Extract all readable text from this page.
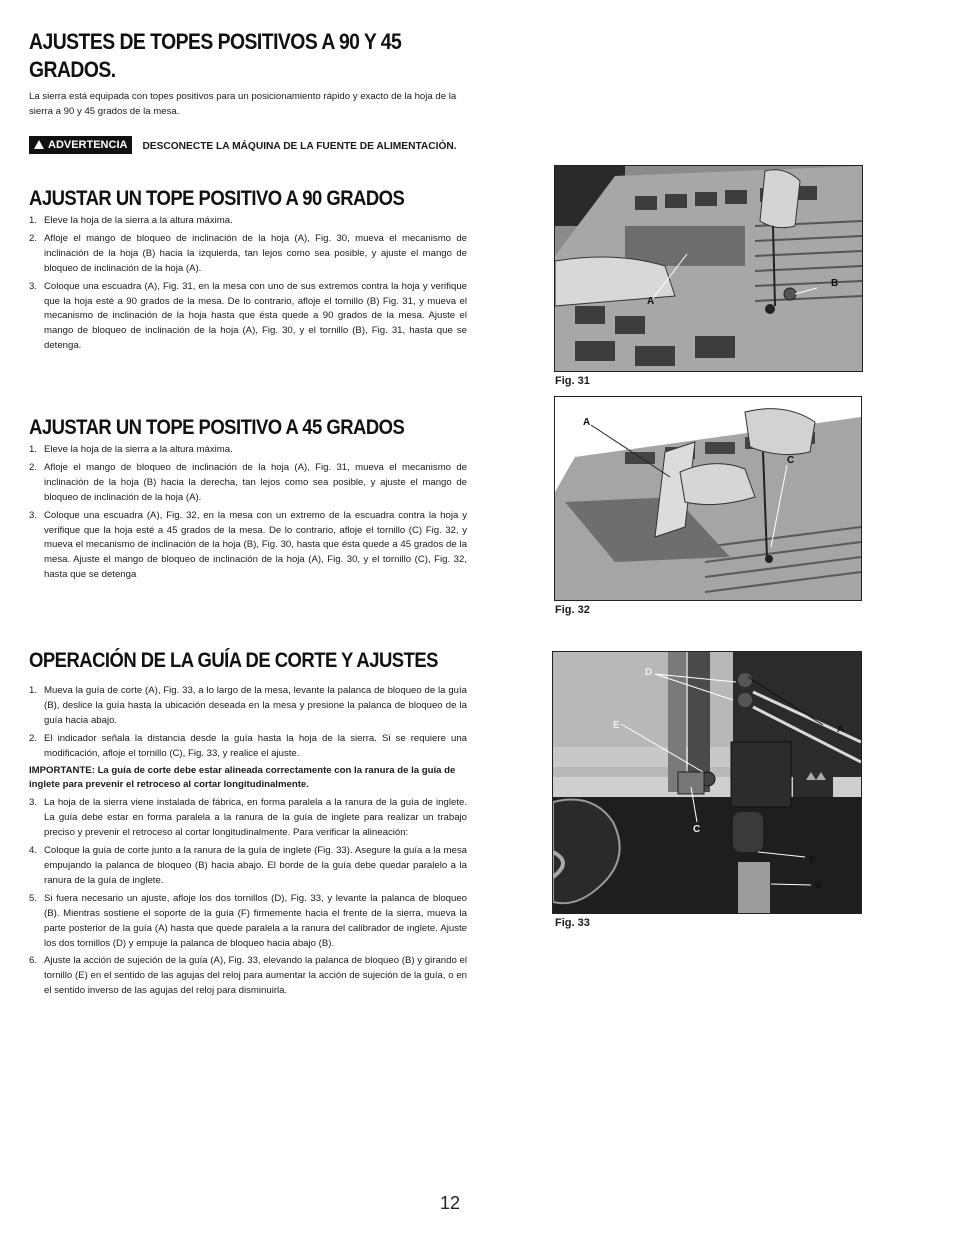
AJUSTES DE TOPES POSITIVOS A 90 Y 45 GRADOS.

La sierra está equipada con topes positivos para un posicionamiento rápido y exacto de la hoja de la sierra a 90 y 45 grados de la mesa.

ADVERTENCIA DESCONECTE LA MÁQUINA DE LA FUENTE DE ALIMENTACIÓN.
AJUSTAR UN TOPE POSITIVO A 90 GRADOS
1. Eleve la hoja de la sierra a la altura máxima.
2. Afloje el mango de bloqueo de inclinación de la hoja (A), Fig. 30, mueva el mecanismo de inclinación de la hoja (B) hacia la izquierda, tan lejos como sea posible, y ajuste el mango de bloqueo de inclinación de la hoja (A).
3. Coloque una escuadra (A), Fig. 31, en la mesa con uno de sus extremos contra la hoja y verifique que la hoja esté a 90 grados de la mesa. De lo contrario, afloje el tornillo (B) Fig. 31, y mueva el mecanismo de inclinación de la hoja hasta que ésta quede a 90 grados de la mesa. Ajuste el mango de bloqueo de inclinación de la hoja (A), Fig. 30, y el tornillo (B), Fig. 31, hasta que se detenga.
AJUSTAR UN TOPE POSITIVO A 45 GRADOS
1. Eleve la hoja de la sierra a la altura máxima.
2. Afloje el mango de bloqueo de inclinación de la hoja (A), Fig. 31, mueva el mecanismo de inclinación de la hoja (B) hacia la derecha, tan lejos como sea posible, y ajuste el mango de bloqueo de inclinación de la hoja (A).
3. Coloque una escuadra (A), Fig. 32, en la mesa con un extremo de la escuadra contra la hoja y verifique que la hoja esté a 45 grados de la mesa. De lo contrario, afloje el tornillo (C) Fig. 32, y mueva el mecanismo de inclinación de la hoja (B), Fig. 30, hasta que ésta quede a 45 grados de la mesa. Ajuste el mango de bloqueo de inclinación de la hoja (A), Fig. 30, y el tornillo (C), Fig. 32, hasta que se detenga
OPERACIÓN DE LA GUÍA DE CORTE Y AJUSTES
1. Mueva la guía de corte (A), Fig. 33, a lo largo de la mesa, levante la palanca de bloqueo de la guía (B), deslice la guía hasta la ubicación deseada en la mesa y presione la palanca de bloqueo de la guía hacia abajo.
2. El indicador señala la distancia desde la guía hasta la hoja de la sierra. Si se requiere una modificación, afloje el tornillo (C), Fig. 33, y realice el ajuste.

IMPORTANTE: La guía de corte debe estar alineada correctamente con la ranura de la guía de inglete para prevenir el retroceso al cortar longitudinalmente.

3. La hoja de la sierra viene instalada de fábrica, en forma paralela a la ranura de la guía de inglete. La guía debe estar en forma paralela a la ranura de la guía de inglete para realizar un trabajo preciso y prevenir el retroceso al cortar longitudinalmente. Para verificar la alineación:
4. Coloque la guía de corte junto a la ranura de la guía de inglete (Fig. 33). Asegure la guía a la mesa empujando la palanca de bloqueo (B) hacia abajo. El borde de la guía debe quedar paralelo a la ranura de la guía de inglete.
5. Si fuera necesario un ajuste, afloje los dos tornillos (D), Fig. 33, y levante la palanca de bloqueo (B). Mientras sostiene el soporte de la guía (F) firmemente hacia el frente de la sierra, mueva la parte posterior de la guía (A) hasta que quede paralela a la ranura del calibrador de inglete. Ajuste los dos tornillos (D) y empuje la palanca de bloqueo hacia abajo (B).
6. Ajuste la acción de sujeción de la guía (A), Fig. 33, elevando la palanca de bloqueo (B) y girando el tornillo (E) en el sentido de las agujas del reloj para aumentar la acción de sujeción de la guía, o en el sentido inverso de las agujas del reloj para disminuirla.
12
A
B
Fig. 31
A
C
Fig. 32
D
E	A
C
F
B
Fig. 33
